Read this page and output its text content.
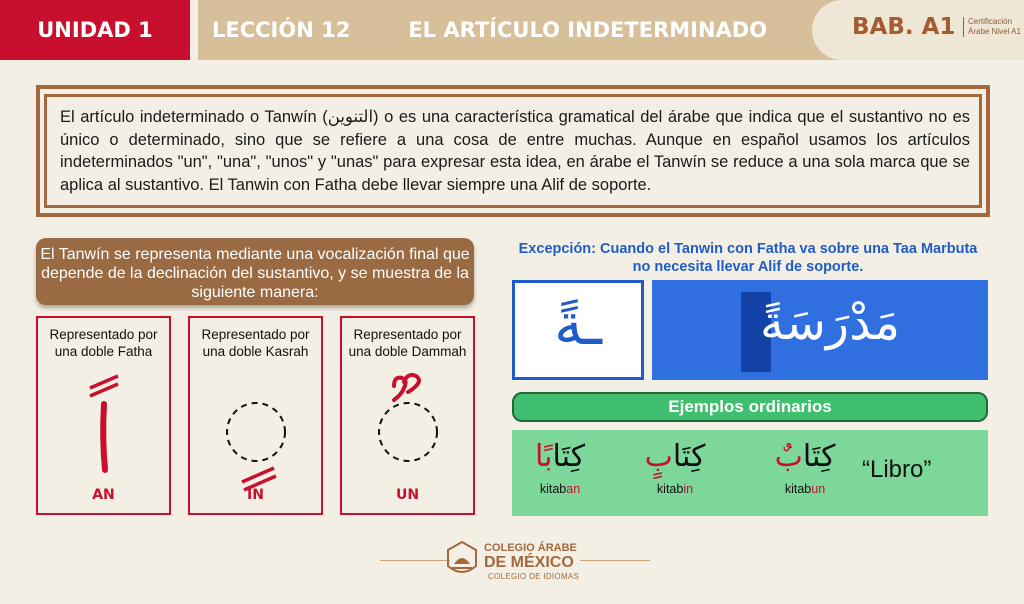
UNIDAD 1	LECCIÓN 12	EL ARTÍCULO INDETERMINADO	BAB. A1 Certificación
Árabe Nivel A1
El artículo indeterminado o Tanwín (التنوين) o es una característica gramatical del árabe que indica que el sustantivo no es único o determinado, sino que se refiere a una cosa de entre muchas. Aunque en español usamos los artículos indeterminados "un", "una", "unos" y "unas" para expresar esta idea, en árabe el Tanwín se reduce a una sola marca que se aplica al sustantivo. El Tanwin con Fatha debe llevar siempre una Alif de soporte.
El Tanwín se representa mediante una vocalización final que depende de la declinación del sustantivo, y se muestra de la siguiente manera:
Representado por una doble Fatha
AN
Representado por una doble Kasrah
IN
Representado por una doble Dammah
UN
Excepción: Cuando el Tanwin con Fatha va sobre una Taa Marbuta no necesita llevar Alif de soporte.
ـةً	مَدْرَسَةً
Ejemplos ordinarios
كِتَابًا
kitaban
كِتَابٍ
kitabin
كِتَابٌ
kitabun
“Libro”
COLEGIO ÁRABE
DE MÉXICO
COLEGIO DE IDIOMAS
